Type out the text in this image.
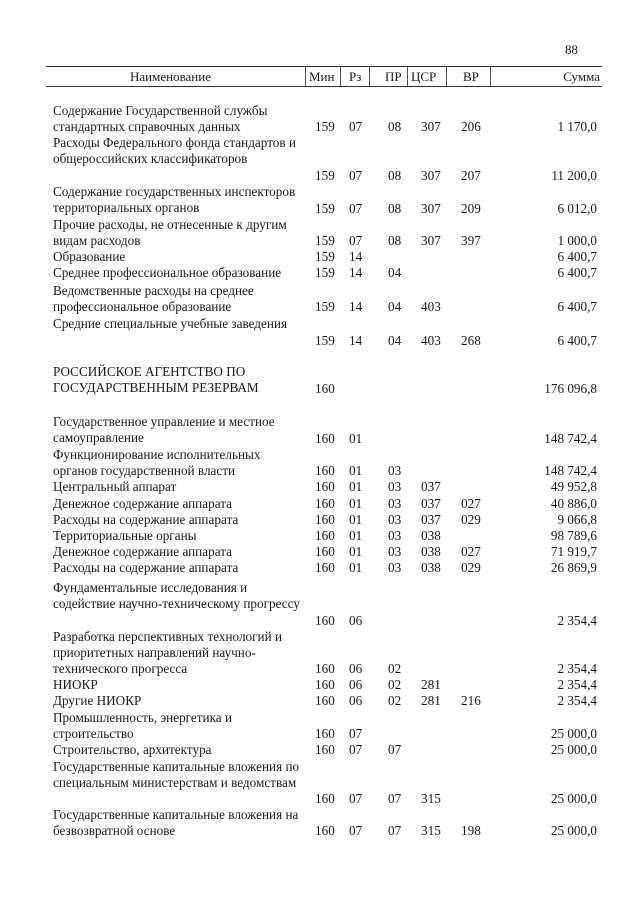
88
Наименование	Мин Рз ПР ЦСР ВР	Сумма
Содержание Государственной службы стандартных справочных данных	159 07 08 307 206	1 170,0
Расходы Федерального фонда стандартов и общероссийских классификаторов
159 07 08 307 207	11 200,0
Содержание государственных инспекторов территориальных органов	159 07 08 307 209	6 012,0
Прочие расходы, не отнесенные к другим видам расходов	159 07 08 307 397	1 000,0
Образование	159 14	6 400,7
Среднее профессиональное образование	159 14 04	6 400,7
Ведомственные расходы на среднее профессиональное образование	159 14 04 403	6 400,7
Средние специальные учебные заведения
159 14 04 403 268	6 400,7
РОССИЙСКОЕ АГЕНТСТВО ПО ГОСУДАРСТВЕННЫМ РЕЗЕРВАМ	160	176 096,8
Государственное управление и местное самоуправление	160 01	148 742,4
Функционирование исполнительных органов государственной власти	160 01 03	148 742,4
Центральный аппарат	160 01 03 037	49 952,8
Денежное содержание аппарата	160 01 03 037 027	40 886,0
Расходы на содержание аппарата	160 01 03 037 029	9 066,8
Территориальные органы	160 01 03 038	98 789,6
Денежное содержание аппарата	160 01 03 038 027	71 919,7
Расходы на содержание аппарата	160 01 03 038 029	26 869,9
Фундаментальные исследования и содействие научно-техническому прогрессу
160 06	2 354,4
Разработка перспективных технологий и приоритетных направлений научно-технического прогресса	160 06 02	2 354,4
НИОКР	160 06 02 281	2 354,4
Другие НИОКР	160 06 02 281 216	2 354,4
Промышленность, энергетика и строительство	160 07	25 000,0
Строительство, архитектура	160 07 07	25 000,0
Государственные капитальные вложения по специальным министерствам и ведомствам
160 07 07 315	25 000,0
Государственные капитальные вложения на безвозвратной основе	160 07 07 315 198	25 000,0
